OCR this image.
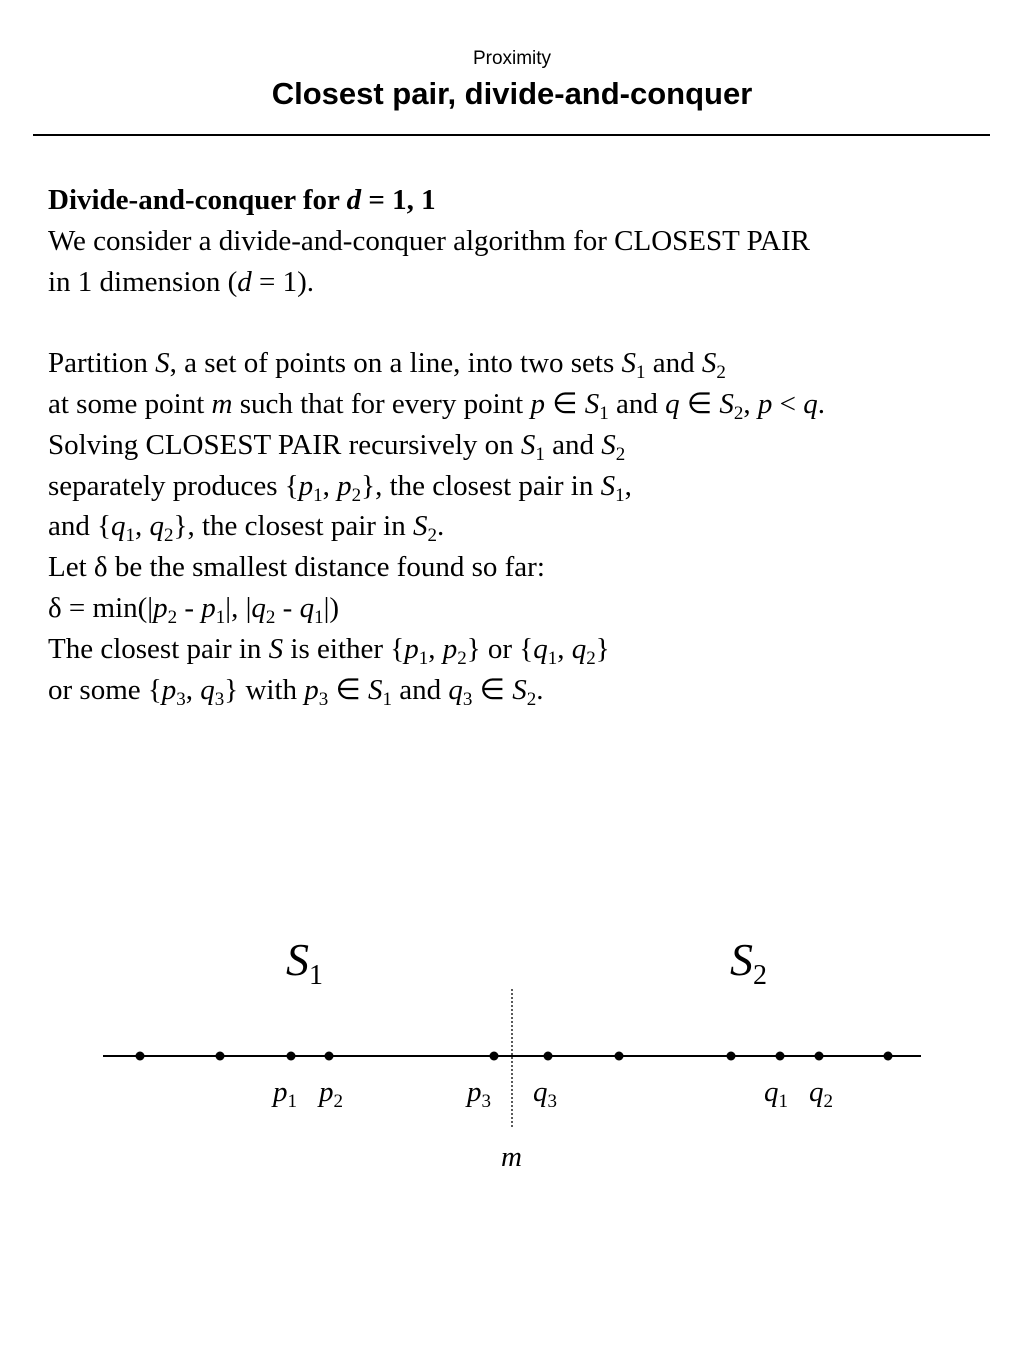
Proximity
Closest pair, divide-and-conquer
Divide-and-conquer for d = 1, 1
We consider a divide-and-conquer algorithm for CLOSEST PAIR
in 1 dimension (d = 1).
Partition S, a set of points on a line, into two sets $S_1$ and $S_2$
at some point m such that for every point p ∈ $S_1$ and q ∈ $S_2$, p < q.
Solving CLOSEST PAIR recursively on $S_1$ and $S_2$
separately produces {$p_1$, $p_2$}, the closest pair in $S_1$,
and {$q_1$, $q_2$}, the closest pair in $S_2$.
Let δ be the smallest distance found so far:
$\delta = \min(|p_2 - p_1|$, $|q_2 - q_1|$)
The closest pair in S is either {$p_1$, $p_2$} or {$q_1$, $q_2$}
or some {$p_3$, $q_3$} with $p_3$ ∈ $S_1$ and $q_3$ ∈ $S_2$.
S1	S2
$p_1$ $p_2$	$p_3$ $q_3$	$q_1$ $q_2$
m
